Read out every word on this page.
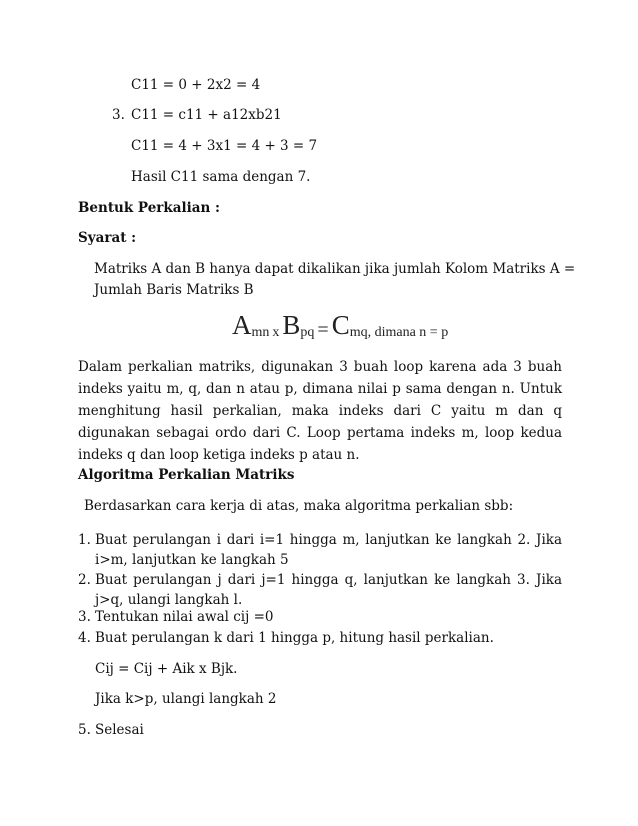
C11 = 0 + 2x2 = 4
3. C11 = c11 + a12xb21
C11 = 4 + 3x1 = 4 + 3 = 7
Hasil C11 sama dengan 7.
Bentuk Perkalian :
Syarat :
Matriks A dan B hanya dapat dikalikan jika jumlah Kolom Matriks A =
Jumlah Baris Matriks B
Amn x Bpq = Cmq, dimana n = p

Dalam perkalian matriks, digunakan 3 buah loop karena ada 3 buah indeks yaitu m, q, dan n atau p, dimana nilai p sama dengan n. Untuk menghitung hasil perkalian, maka indeks dari C yaitu m dan q digunakan sebagai ordo dari C. Loop pertama indeks m, loop kedua indeks q dan loop ketiga indeks p atau n.

Algoritma Perkalian Matriks
Berdasarkan cara kerja di atas, maka algoritma perkalian sbb:
1. Buat perulangan i dari i=1 hingga m, lanjutkan ke langkah 2. Jika i>m, lanjutkan ke langkah 5

2. Buat perulangan j dari j=1 hingga q, lanjutkan ke langkah 3. Jika j>q, ulangi langkah l.

3. Tentukan nilai awal cij =0
4. Buat perulangan k dari 1 hingga p, hitung hasil perkalian.
Cij = Cij + Aik x Bjk.
Jika k>p, ulangi langkah 2
5. Selesai
